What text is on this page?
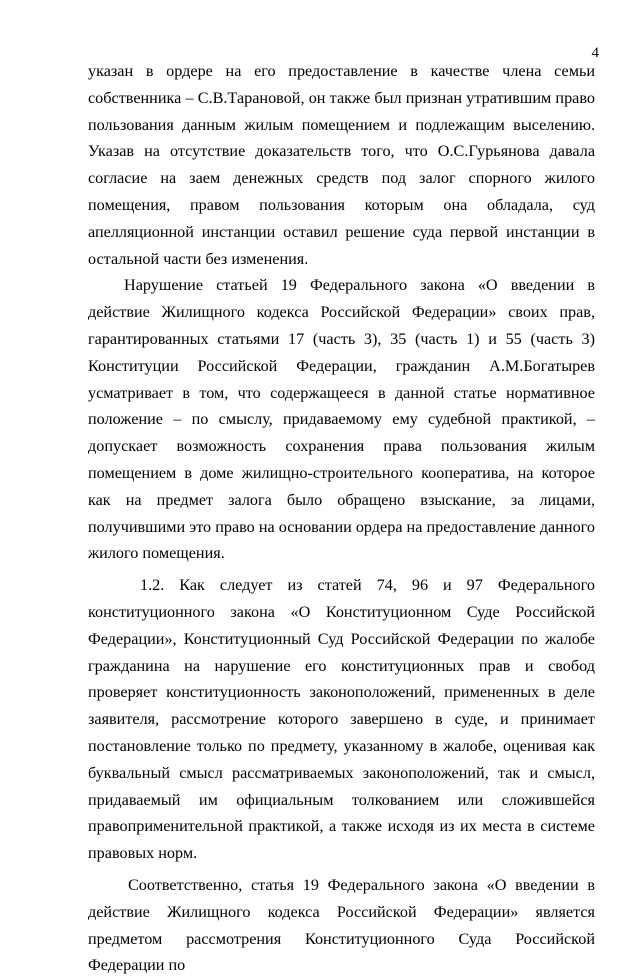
4

указан в ордере на его предоставление в качестве члена семьи собственника – С.В.Тарановой, он также был признан утратившим право пользования данным жилым помещением и подлежащим выселению. Указав на отсутствие доказательств того, что О.С.Гурьянова давала согласие на заем денежных средств под залог спорного жилого помещения, правом пользования которым она обладала, суд апелляционной инстанции оставил решение суда первой инстанции в остальной части без изменения.

Нарушение статьей 19 Федерального закона «О введении в действие Жилищного кодекса Российской Федерации» своих прав, гарантированных статьями 17 (часть 3), 35 (часть 1) и 55 (часть 3) Конституции Российской Федерации, гражданин А.М.Богатырев усматривает в том, что содержащееся в данной статье нормативное положение – по смыслу, придаваемому ему судебной практикой, – допускает возможность сохранения права пользования жилым помещением в доме жилищно-строительного кооператива, на которое как на предмет залога было обращено взыскание, за лицами, получившими это право на основании ордера на предоставление данного жилого помещения.

1.2. Как следует из статей 74, 96 и 97 Федерального конституционного закона «О Конституционном Суде Российской Федерации», Конституционный Суд Российской Федерации по жалобе гражданина на нарушение его конституционных прав и свобод проверяет конституционность законоположений, примененных в деле заявителя, рассмотрение которого завершено в суде, и принимает постановление только по предмету, указанному в жалобе, оценивая как буквальный смысл рассматриваемых законоположений, так и смысл, придаваемый им официальным толкованием или сложившейся правоприменительной практикой, а также исходя из их места в системе правовых норм.

Соответственно, статья 19 Федерального закона «О введении в действие Жилищного кодекса Российской Федерации» является предметом рассмотрения Конституционного Суда Российской Федерации по
